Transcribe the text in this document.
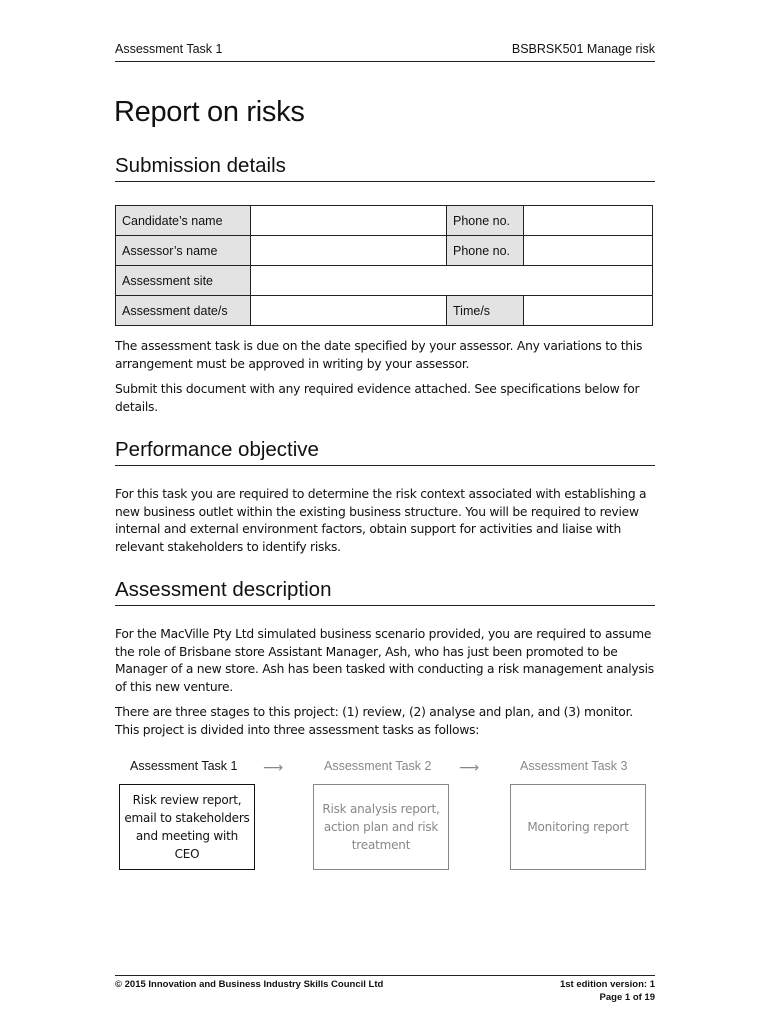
Assessment Task 1	BSBRSK501 Manage risk
Report on risks
Submission details
Candidate’s name		Phone no.	
Assessor’s name		Phone no.	
Assessment site			
Assessment date/s		Time/s	

The assessment task is due on the date specified by your assessor. Any variations to this arrangement must be approved in writing by your assessor.

Submit this document with any required evidence attached. See specifications below for details.

Performance objective

For this task you are required to determine the risk context associated with establishing a new business outlet within the existing business structure. You will be required to review internal and external environment factors, obtain support for activities and liaise with relevant stakeholders to identify risks.

Assessment description

For the MacVille Pty Ltd simulated business scenario provided, you are required to assume the role of Brisbane store Assistant Manager, Ash, who has just been promoted to be Manager of a new store. Ash has been tasked with conducting a risk management analysis of this new venture.

There are three stages to this project: (1) review, (2) analyse and plan, and (3) monitor. This project is divided into three assessment tasks as follows:

Assessment Task 1 ⟶	Assessment Task 2 ⟶	Assessment Task 3
Risk review report, email to stakeholders and meeting with CEO
Risk analysis report, action plan and risk treatment
Monitoring report
© 2015 Innovation and Business Industry Skills Council Ltd	1st edition version: 1
Page 1 of 19
